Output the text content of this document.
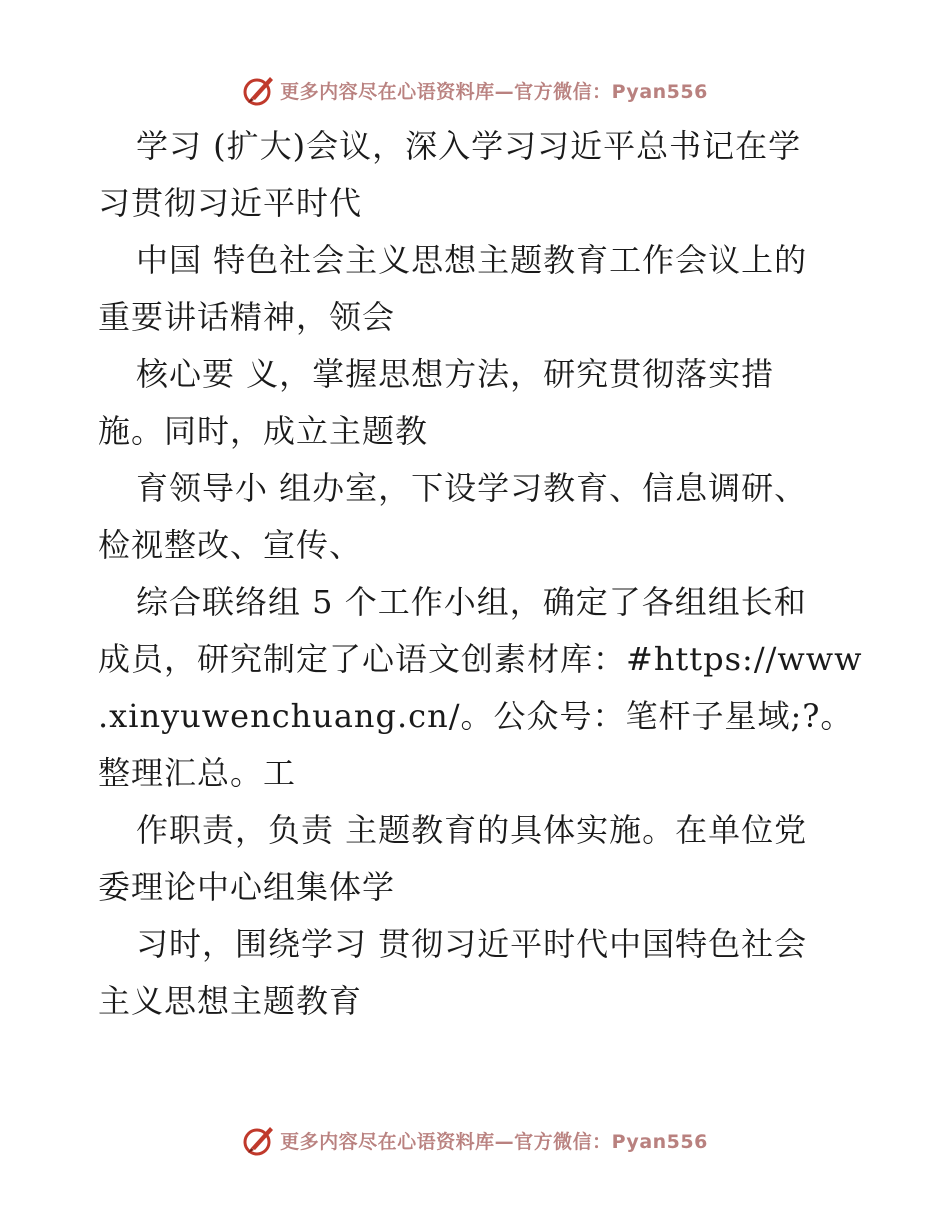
更多内容尽在心语资料库—官方微信：Pyan556
学习 (扩大)会议，深入学习习近平总书记在学
习贯彻习近平时代
中国 特色社会主义思想主题教育工作会议上的
重要讲话精神，领会
核心要 义，掌握思想方法，研究贯彻落实措
施。同时，成立主题教
育领导小 组办室，下设学习教育、信息调研、
检视整改、宣传、
综合联络组 5 个工作小组，确定了各组组长和
成员，研究制定了心语文创素材库：#https://www
.xinyuwenchuang.cn/。公众号：笔杆子星域;?。
整理汇总。工
作职责，负责 主题教育的具体实施。在单位党
委理论中心组集体学
习时，围绕学习 贯彻习近平时代中国特色社会
主义思想主题教育
更多内容尽在心语资料库—官方微信：Pyan556
